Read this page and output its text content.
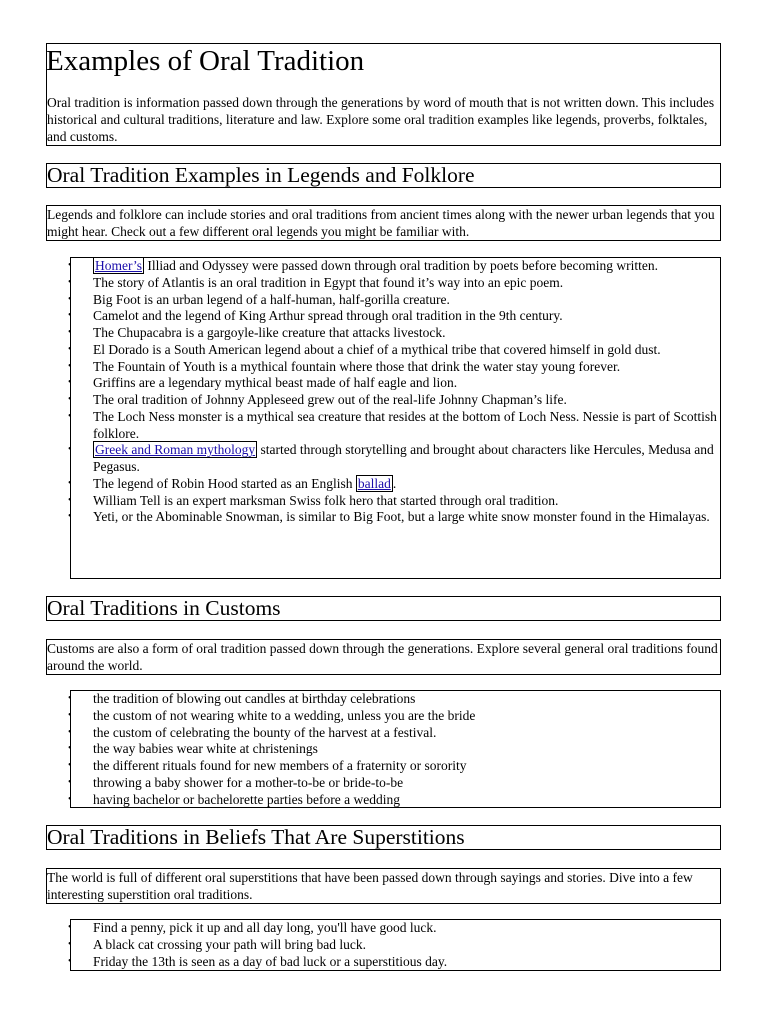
Oral tradition is information passed down through the generations by word of mouth that is not written down. This includes historical and cultural traditions, literature and law. Explore some oral tradition examples like legends, proverbs, folktales, and customs.

Examples of Oral Tradition
Oral Tradition Examples in Legends and Folklore

Legends and folklore can include stories and oral traditions from ancient times along with the newer urban legends that you might hear. Check out a few different oral legends you might be familiar with.

• Homer’s Illiad and Odyssey were passed down through oral tradition by poets before becoming written.
• The story of Atlantis is an oral tradition in Egypt that found it’s way into an epic poem.
• Big Foot is an urban legend of a half-human, half-gorilla creature.
• Camelot and the legend of King Arthur spread through oral tradition in the 9th century.
• The Chupacabra is a gargoyle-like creature that attacks livestock.
• El Dorado is a South American legend about a chief of a mythical tribe that covered himself in gold dust.
• The Fountain of Youth is a mythical fountain where those that drink the water stay young forever.
• Griffins are a legendary mythical beast made of half eagle and lion.
• The oral tradition of Johnny Appleseed grew out of the real-life Johnny Chapman’s life.
• The Loch Ness monster is a mythical sea creature that resides at the bottom of Loch Ness. Nessie is part of Scottish folklore.
• Greek and Roman mythology started through storytelling and brought about characters like Hercules, Medusa and Pegasus.
• The legend of Robin Hood started as an English ballad .
• William Tell is an expert marksman Swiss folk hero that started through oral tradition.
• Yeti, or the Abominable Snowman, is similar to Big Foot, but a large white snow monster found in the Himalayas.
Oral Traditions in Customs

Customs are also a form of oral tradition passed down through the generations. Explore several general oral traditions found around the world.

• the tradition of blowing out candles at birthday celebrations
• the custom of not wearing white to a wedding, unless you are the bride
• the custom of celebrating the bounty of the harvest at a festival.
• the way babies wear white at christenings
• the different rituals found for new members of a fraternity or sorority
• throwing a baby shower for a mother-to-be or bride-to-be
• having bachelor or bachelorette parties before a wedding
Oral Traditions in Beliefs That Are Superstitions

The world is full of different oral superstitions that have been passed down through sayings and stories. Dive into a few interesting superstition oral traditions.

• Find a penny, pick it up and all day long, you'll have good luck.
• A black cat crossing your path will bring bad luck.
• Friday the 13th is seen as a day of bad luck or a superstitious day.
